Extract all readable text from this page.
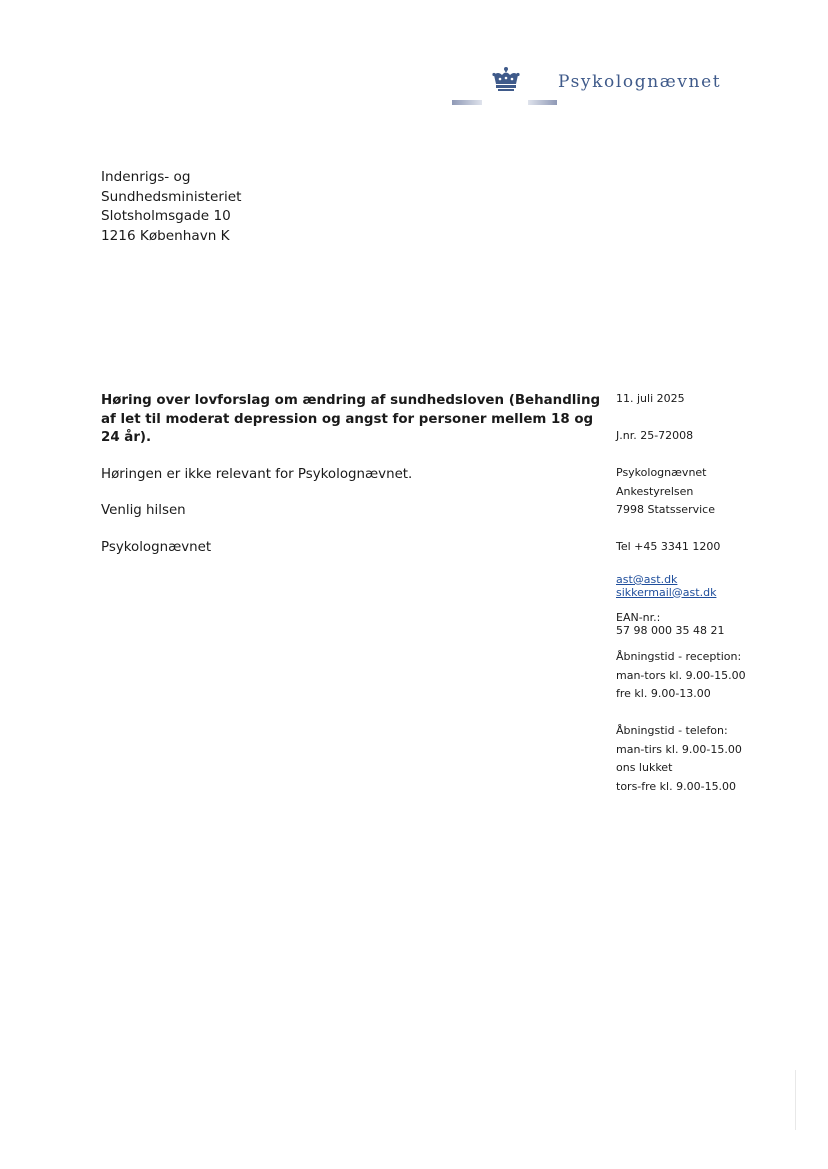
Psykolognævnet
Indenrigs- og
Sundhedsministeriet
Slotsholmsgade 10
1216 København K
Høring over lovforslag om ændring af sundhedsloven (Behandling af let til moderat depression og angst for personer mellem 18 og 24 år).
Høringen er ikke relevant for Psykolognævnet.
Venlig hilsen
Psykolognævnet
11. juli 2025
J.nr. 25-72008
Psykolognævnet
Ankestyrelsen
7998 Statsservice
Tel +45 3341 1200
ast@ast.dk
sikkermail@ast.dk
EAN-nr.:
57 98 000 35 48 21
Åbningstid - reception:
man-tors kl. 9.00-15.00
fre kl. 9.00-13.00
Åbningstid - telefon:
man-tirs kl. 9.00-15.00
ons lukket
tors-fre kl. 9.00-15.00
